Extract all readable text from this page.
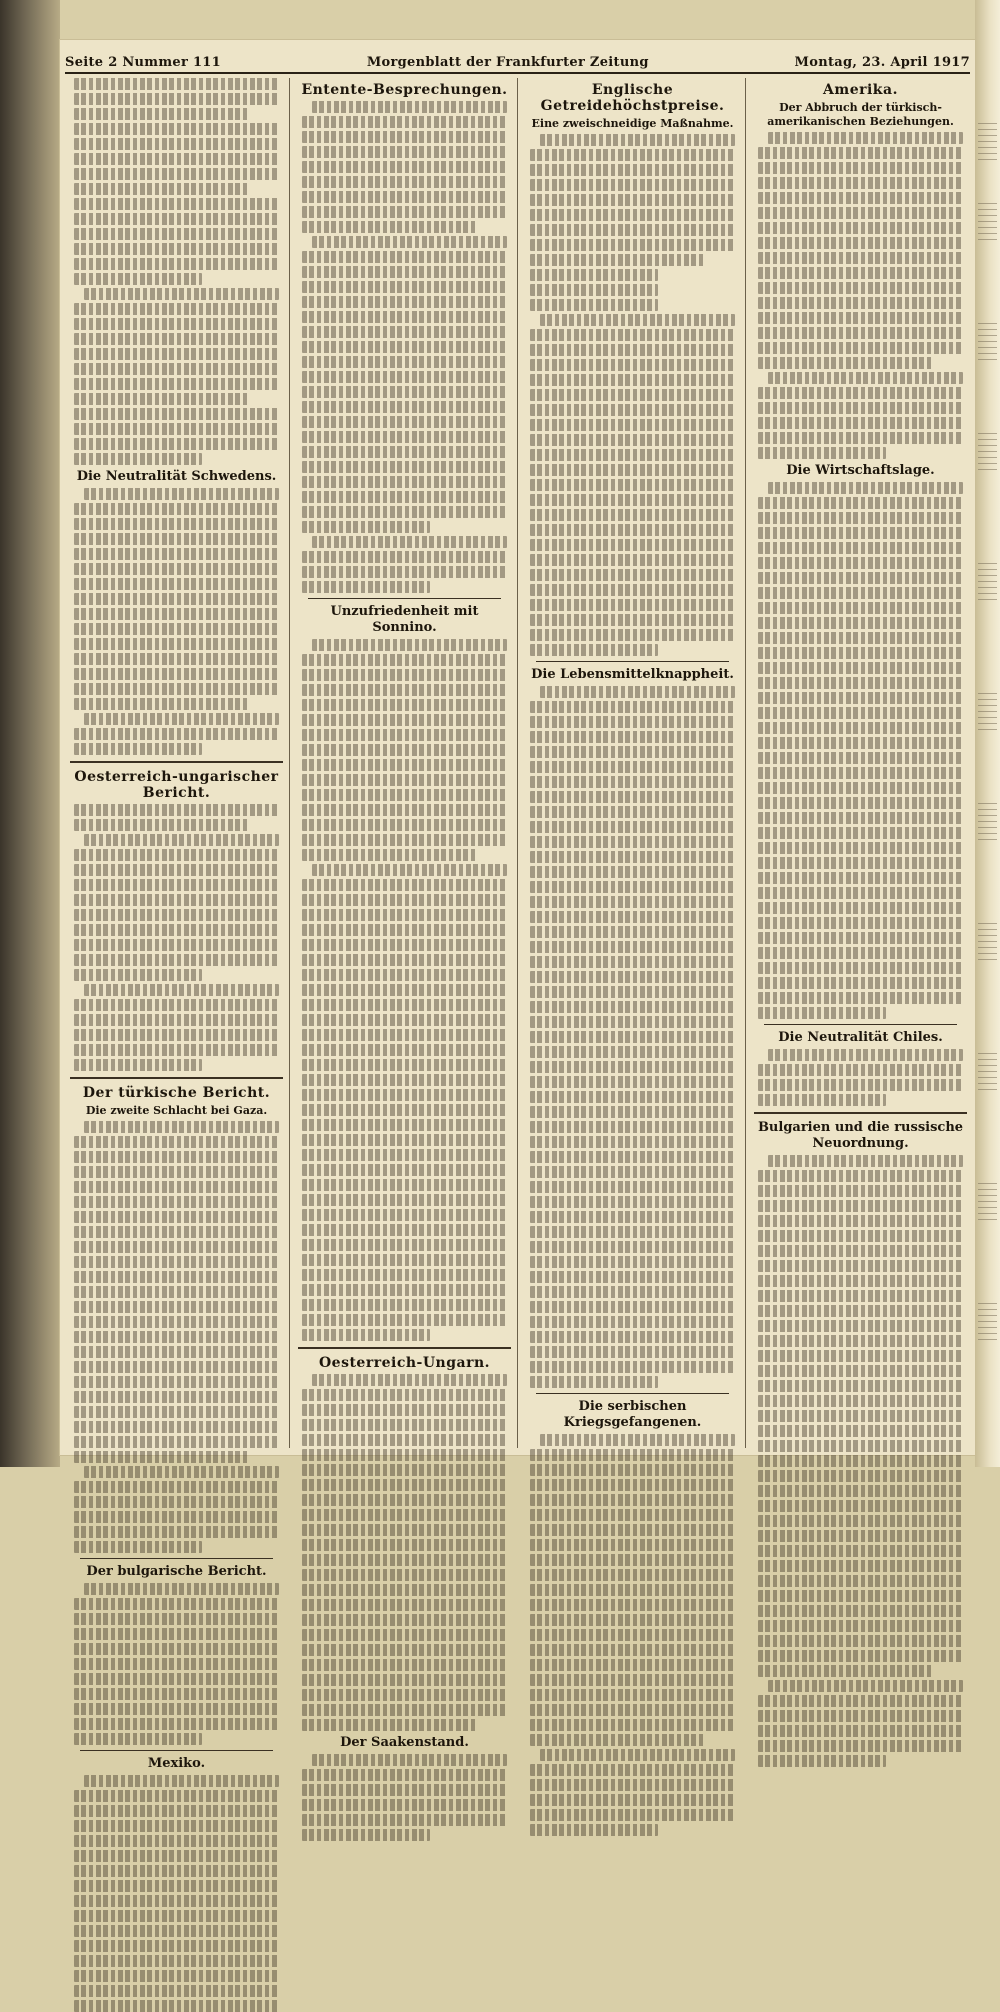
Seite 2 Nummer 111	Morgenblatt der Frankfurter Zeitung	Montag, 23. April 1917
Die Neutralität Schwedens.
Oesterreich-ungarischer Bericht.
Der türkische Bericht.
Die zweite Schlacht bei Gaza.
Der bulgarische Bericht.
Mexiko.
Entente-Besprechungen.
Unzufriedenheit mit Sonnino.
Oesterreich-Ungarn.
Der Saakenstand.
Englische Getreidehöchstpreise.
Eine zweischneidige Maßnahme.
Die Lebensmittelknappheit.
Die serbischen Kriegsgefangenen.
Amerika.
Der Abbruch der türkisch-amerikanischen Beziehungen.
Die Wirtschaftslage.
Die Neutralität Chiles.
Bulgarien und die russische Neuordnung.
